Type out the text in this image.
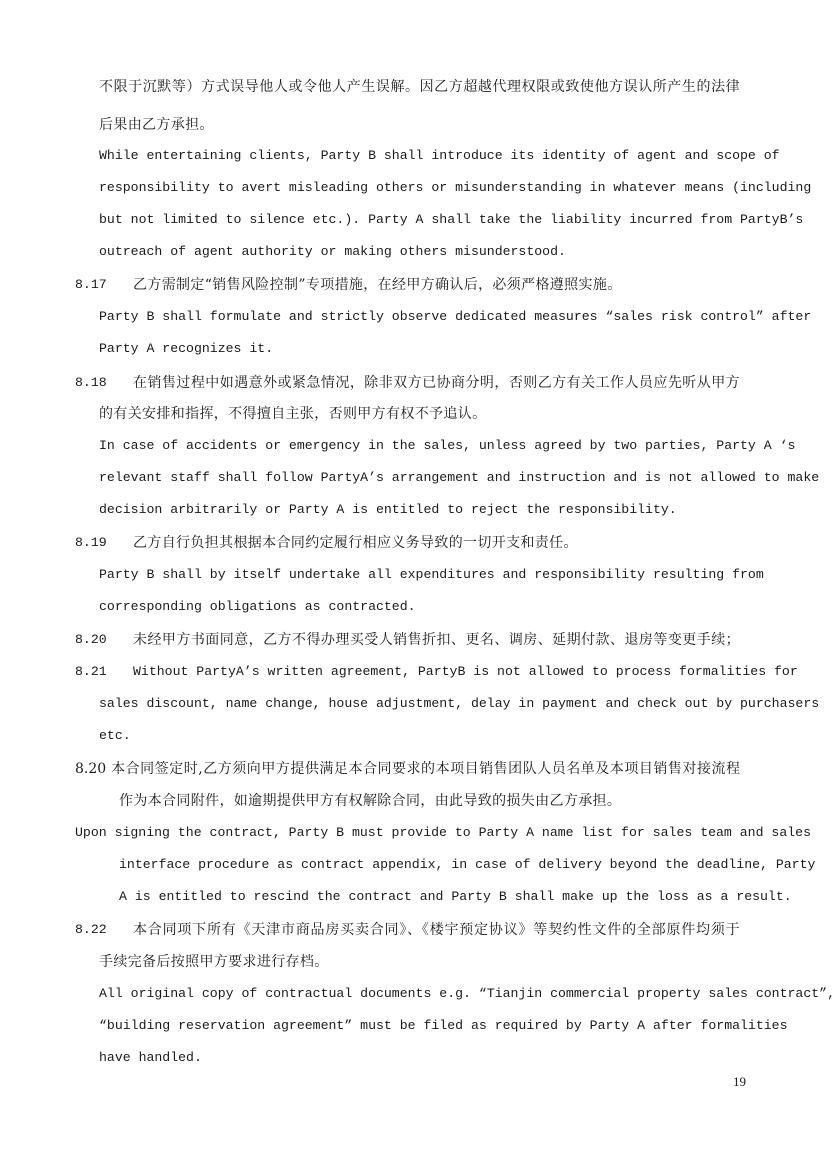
不限于沉默等）方式误导他人或令他人产生误解。因乙方超越代理权限或致使他方误认所产生的法律
后果由乙方承担。
While entertaining clients, Party B shall introduce its identity of agent and scope of
responsibility to avert misleading others or misunderstanding in whatever means (including
but not limited to silence etc.). Party A shall take the liability incurred from PartyB’s
outreach of agent authority or making others misunderstood.
8.17 乙方需制定“销售风险控制”专项措施，在经甲方确认后，必须严格遵照实施。
Party B shall formulate and strictly observe dedicated measures “sales risk control” after
Party A recognizes it.
8.18 在销售过程中如遇意外或紧急情况，除非双方已协商分明，否则乙方有关工作人员应先听从甲方
的有关安排和指挥，不得擅自主张，否则甲方有权不予追认。
In case of accidents or emergency in the sales, unless agreed by two parties, Party A ‘s
relevant staff shall follow PartyA’s arrangement and instruction and is not allowed to make
decision arbitrarily or Party A is entitled to reject the responsibility.
8.19 乙方自行负担其根据本合同约定履行相应义务导致的一切开支和责任。
Party B shall by itself undertake all expenditures and responsibility resulting from
corresponding obligations as contracted.
8.20 未经甲方书面同意，乙方不得办理买受人销售折扣、更名、调房、延期付款、退房等变更手续；
8.21 Without PartyA’s written agreement, PartyB is not allowed to process formalities for
sales discount, name change, house adjustment, delay in payment and check out by purchasers
etc.
8.20 本合同签定时,乙方须向甲方提供满足本合同要求的本项目销售团队人员名单及本项目销售对接流程
作为本合同附件，如逾期提供甲方有权解除合同，由此导致的损失由乙方承担。
Upon signing the contract, Party B must provide to Party A name list for sales team and sales
interface procedure as contract appendix, in case of delivery beyond the deadline, Party
A is entitled to rescind the contract and Party B shall make up the loss as a result.
8.22 本合同项下所有《天津市商品房买卖合同》、《楼宇预定协议》等契约性文件的全部原件均须于
手续完备后按照甲方要求进行存档。
All original copy of contractual documents e.g. “Tianjin commercial property sales contract”,
“building reservation agreement” must be filed as required by Party A after formalities
have handled.
19
